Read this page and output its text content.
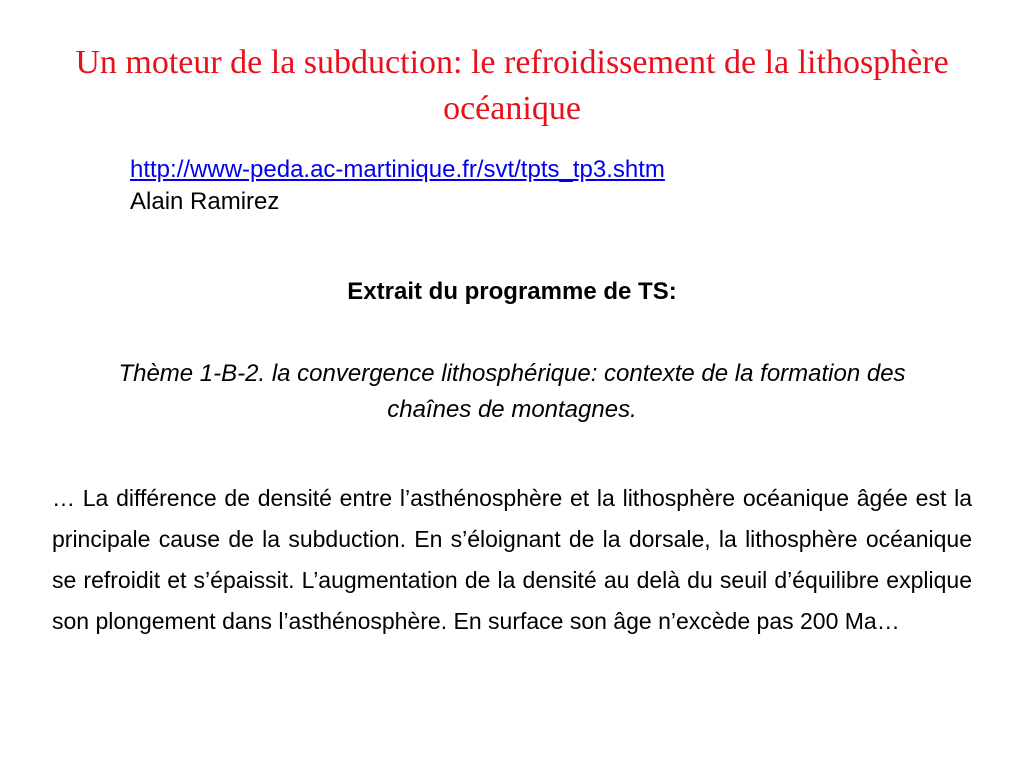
Un moteur de la subduction: le refroidissement de la lithosphère océanique
http://www-peda.ac-martinique.fr/svt/tpts_tp3.shtm
Alain Ramirez

Extrait du programme de TS:

Thème 1-B-2. la convergence lithosphérique: contexte de la formation des chaînes de montagnes.

… La différence de densité entre l’asthénosphère et la lithosphère océanique âgée est la principale cause de la subduction. En s’éloignant de la dorsale, la lithosphère océanique se refroidit et s’épaissit. L’augmentation de la densité au delà du seuil d’équilibre explique son plongement dans l’asthénosphère. En surface son âge n’excède pas 200 Ma…
